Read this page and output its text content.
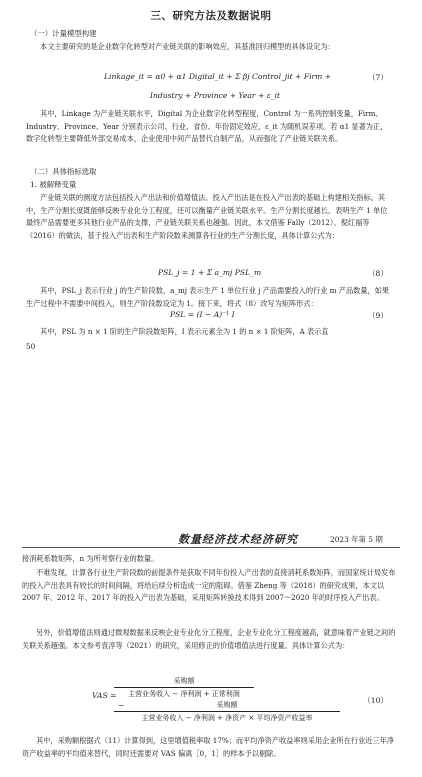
三、研究方法及数据说明
（一）计量模型构建
本文主要研究的是企业数字化转型对产业链关联的影响效应，其基准回归模型的具体设定为：
Linkage_it = α0 + α1 Digital_it + Σ βj Control_jit + Firm +	（7）
Industry + Province + Year + ε_it
其中，Linkage 为产业链关联水平，Digital 为企业数字化转型程度，Control 为一系列控制变量，Firm、Industry、Province、Year 分别表示公司、行业、省份、年份固定效应，ε_it 为随机误差项。若 α1 显著为正，数字化转型主要降低外部交易成本，企业使用中间产品替代自制产品，从而强化了产业链关联关系。
（二）具体指标选取
1. 被解释变量
产业链关联的测度方法包括投入产出法和价值增值法。投入产出法是在投入产出表的基础上构建相关指标。其中，生产分割长度既能够反映专业化分工程度，还可以衡量产业链关联水平。生产分割长度越长，表明生产 1 单位最终产品需要更多其他行业产品的支撑，产业链关联关系也越强。因此，本文借鉴 Fally（2012）、倪红福等（2016）的做法，基于投入产出表和生产阶段数来测算各行业的生产分割长度，具体计算公式为：
PSL_j = 1 + Σ a_mj PSL_m	（8）
其中，PSL_j 表示行业 j 的生产阶段数，a_mj 表示生产 1 单位行业 j 产品需要投入的行业 m 产品数量，如果生产过程中不需要中间投入，则生产阶段数设定为 1。接下来，将式（8）改写为矩阵形式：
PSL = (I − A)⁻¹ I	（9）
其中，PSL 为 n × 1 阶的生产阶段数矩阵，I 表示元素全为 1 的 n × 1 阶矩阵，A 表示直
50
数量经济技术经济研究	2023 年第 5 期
接消耗系数矩阵，n 为所考察行业的数量。
不难发现，计算各行业生产阶段数的前提条件是获取不同年份投入产出表的直接消耗系数矩阵，而国家统计局发布的投入产出表具有较长的时间间隔，将给后续分析造成一定的阻碍。借鉴 Zheng 等（2018）的研究成果，本文以 2007 年、2012 年、2017 年的投入产出表为基础，采用矩阵转换技术得到 2007～2020 年的时序投入产出表。
另外，价值增值法则通过微观数据来反映企业专业化分工程度，企业专业化分工程度越高，就意味着产业链之间的关联关系越强。本文参考袁淳等（2021）的研究，采用修正的价值增值法进行度量。具体计算公式为：
VAS =
采购额
主营业务收入 − 净利润 + 正常利润
−	采购额
主营业务收入 − 净利润 + 净资产 × 平均净资产收益率
（10）
其中，采购额根据式（11）计算得到，这里增值税率取 17%；而平均净资产收益率则采用企业所在行业近三年净资产收益率的平均值来替代，同时还需要对 VAS 偏离［0，1］的样本予以剔除。
